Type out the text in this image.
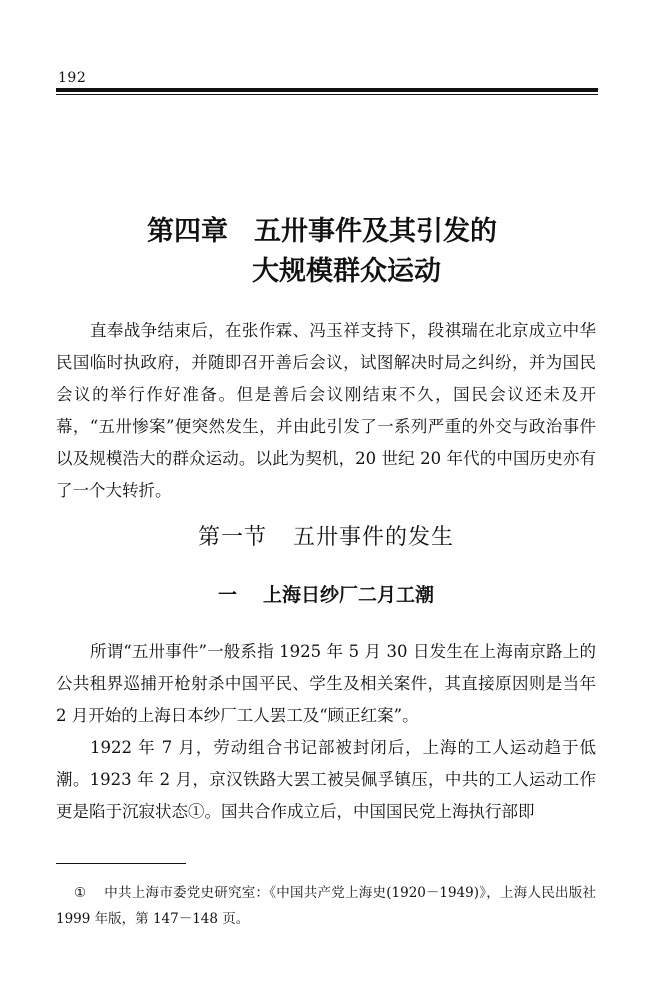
192
第四章 五卅事件及其引发的
大规模群众运动

直奉战争结束后，在张作霖、冯玉祥支持下，段祺瑞在北京成立中华民国临时执政府，并随即召开善后会议，试图解决时局之纠纷，并为国民会议的举行作好准备。但是善后会议刚结束不久，国民会议还未及开幕，“五卅惨案”便突然发生，并由此引发了一系列严重的外交与政治事件以及规模浩大的群众运动。以此为契机，20 世纪 20 年代的中国历史亦有了一个大转折。

第一节 五卅事件的发生
一 上海日纱厂二月工潮

所谓“五卅事件”一般系指 1925 年 5 月 30 日发生在上海南京路上的公共租界巡捕开枪射杀中国平民、学生及相关案件，其直接原因则是当年 2 月开始的上海日本纱厂工人罢工及“顾正红案”。

1922 年 7 月，劳动组合书记部被封闭后，上海的工人运动趋于低潮。1923 年 2 月，京汉铁路大罢工被吴佩孚镇压，中共的工人运动工作更是陷于沉寂状态①。国共合作成立后，中国国民党上海执行部即

① 中共上海市委党史研究室：《中国共产党上海史(1920－1949)》，上海人民出版社 1999 年版，第 147－148 页。
